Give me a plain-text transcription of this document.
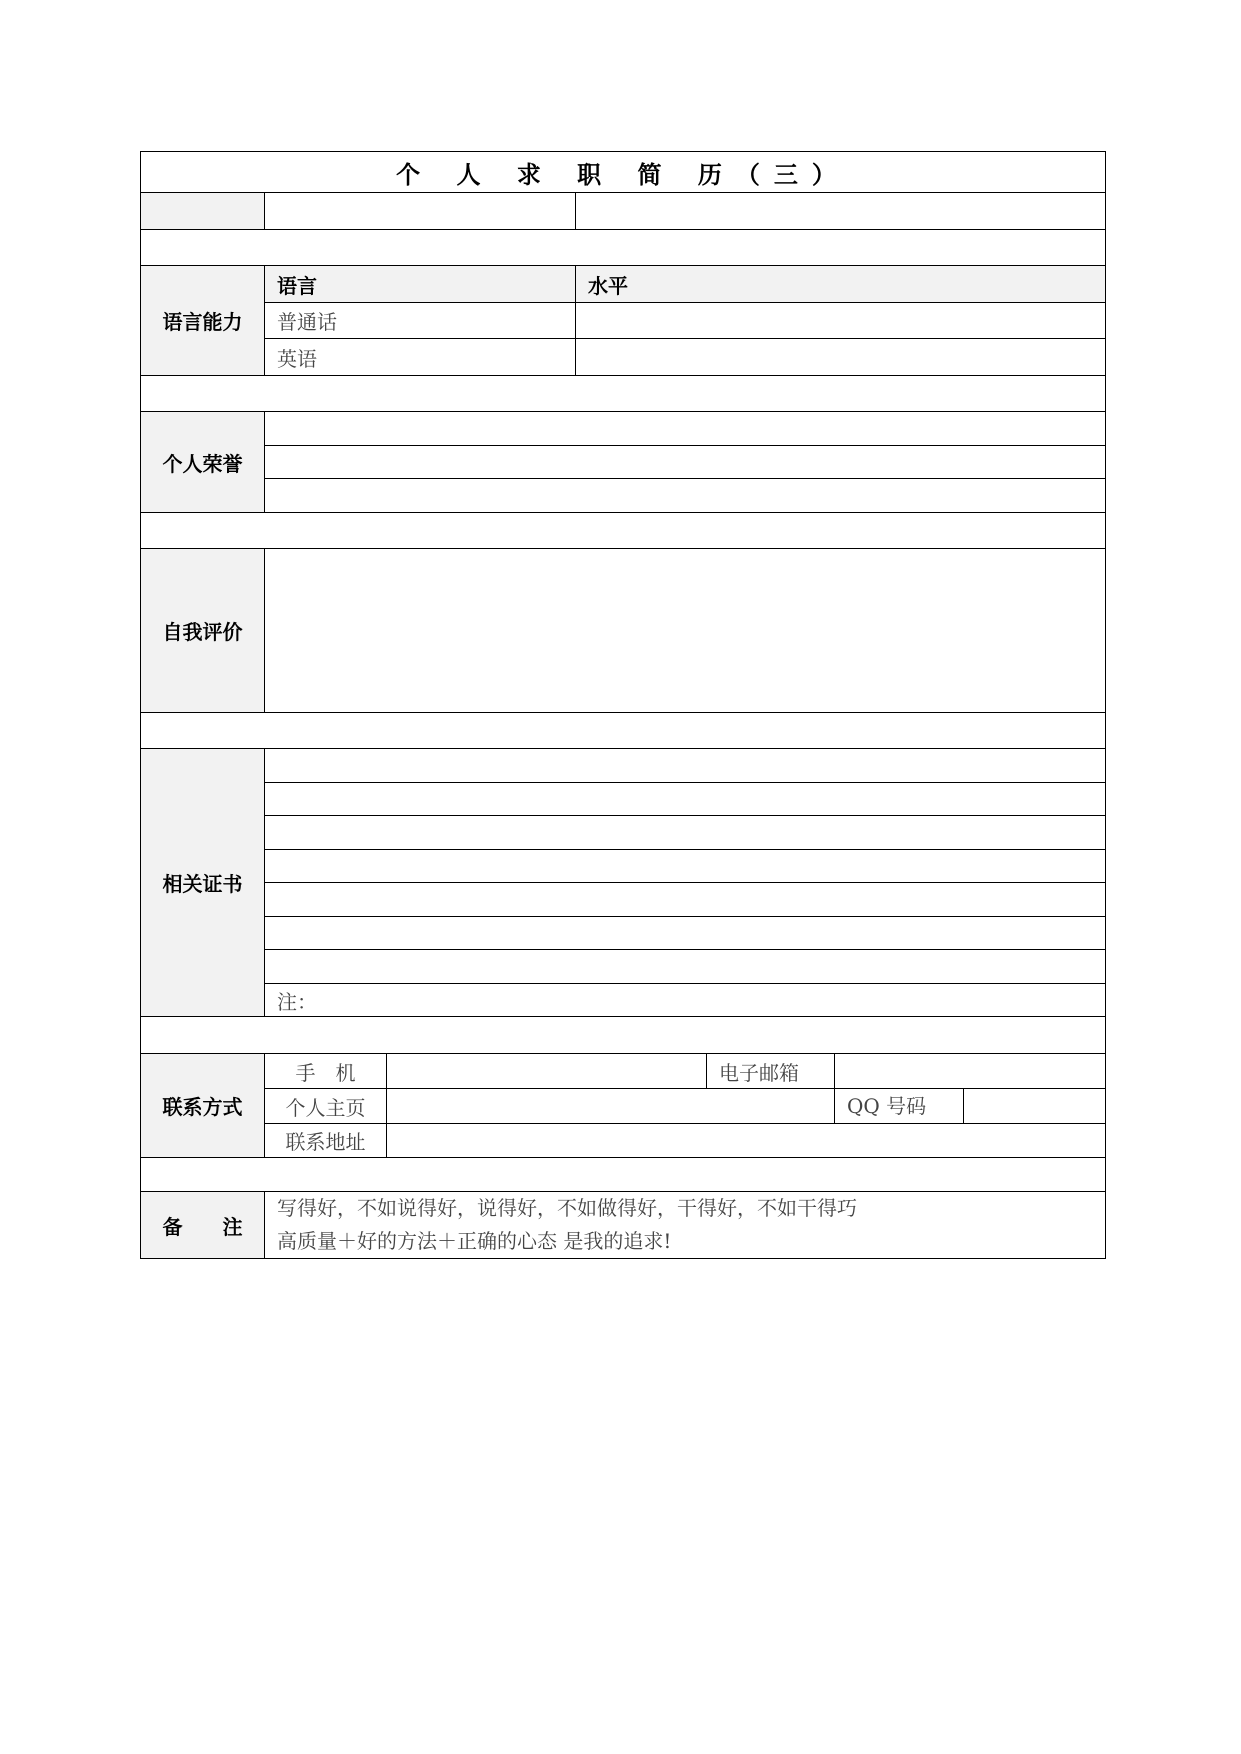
个 人 求 职 简 历（三）					

语言能力	语言		水平		
	普通话				
	英语				

个人荣誉					

自我评价					

相关证书					

	注：				

联系方式	手　机			电子邮箱	
	个人主页				QQ 号码

	联系地址				

备　　注	写得好，不如说得好，说得好，不如做得好，干得好，不如干得巧
高质量＋好的方法＋正确的心态 是我的追求!				
